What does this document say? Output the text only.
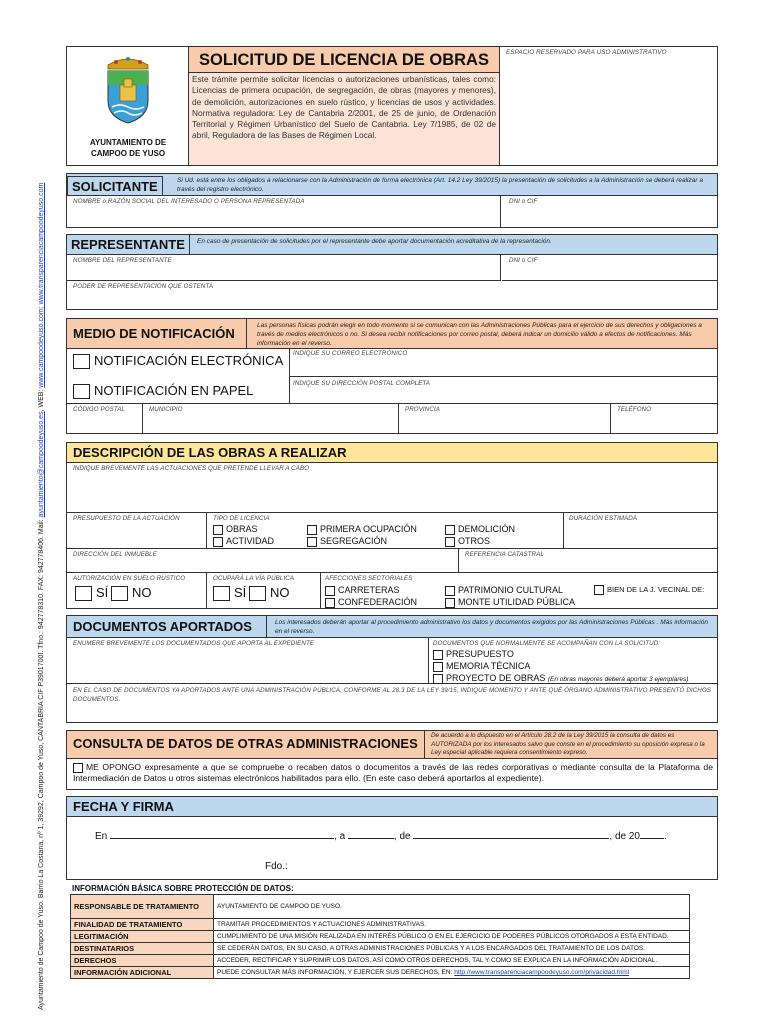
Ayuntamiento de Campoo de Yuso. Barrio La Costana, nº 1, 39292, Campoo de Yuso, CANTABRIA CIF P3901700I. Tfno.: 942778310. FAX: 942778406. Mail: ayuntamiento@campoodeyuso.es, WEB: www.campoodeyuso.com; www.transparenciacampoodeyuso.com
AYUNTAMIENTO DE
CAMPOO DE YUSO
SOLICITUD DE LICENCIA DE OBRAS
Este trámite permite solicitar licencias o autorizaciones urbanísticas, tales como: Licencias de primera ocupación, de segregación, de obras (mayores y menores), de demolición, autorizaciones en suelo rústico, y licencias de usos y actividades. Normativa reguladora: Ley de Cantabria 2/2001, de 25 de junio, de Ordenación Territorial y Régimen Urbanístico del Suelo de Cantabria. Ley 7/1985, de 02 de abril, Reguladora de las Bases de Régimen Local.
ESPACIO RESERVADO PARA USO ADMINISTRATIVO
SOLICITANTE	Si Ud. está entre los obligados a relacionarse con la Administración de forma electrónica (Art. 14.2 Ley 39/2015) la presentación de solicitudes a la Administración se deberá realizar a través del registro electrónico.
NOMBRE o RAZÓN SOCIAL DEL INTERESADO O PERSONA REPRESENTADA	DNI o CIF
REPRESENTANTE	En caso de presentación de solicitudes por el representante debe aportar documentación acreditativa de la representación.
NOMBRE DEL REPRESENTANTE	DNI o CIF
PODER DE REPRESENTACIÓN QUE OSTENTA
MEDIO DE NOTIFICACIÓN
Las personas físicas podrán elegir en todo momento si se comunican con las Administraciones Públicas para el ejercicio de sus derechos y obligaciones a través de medios electrónicos o no. Si desea recibir notificaciones por correo postal, deberá indicar un domicilio válido a efectos de notificaciones. Más información en el reverso.
NOTIFICACIÓN ELECTRÓNICA INDIQUE SU CORREO ELECTRÓNICO
NOTIFICACIÓN EN PAPEL	INDIQUE SU DIRECCIÓN POSTAL COMPLETA
CÓDIGO POSTAL	MUNICIPIO	PROVINCIA	TELÉFONO
DESCRIPCIÓN DE LAS OBRAS A REALIZAR
INDIQUE BREVEMENTE LAS ACTUACIONES QUE PRETENDE LLEVAR A CABO
PRESUPUESTO DE LA ACTUACIÓN	TIPO DE LICENCIA
OBRAS
ACTIVIDAD
PRIMERA OCUPACIÓN
SEGREGACIÓN
DEMOLICIÓN
OTROS
DURACIÓN ESTIMADA
DIRECCIÓN DEL INMUEBLE	REFERENCIA CATASTRAL
AUTORIZACIÓN EN SUELO RÚSTICO
SÍ	NO
OCUPARÁ LA VÍA PÚBLICA
SÍ	NO
AFECCIONES SECTORIALES
CARRETERAS
CONFEDERACIÓN
PATRIMONIO CULTURAL
MONTE UTILIDAD PÚBLICA
BIEN DE LA J. VECINAL DE:
DOCUMENTOS APORTADOS	Los interesados deberán aportar al procedimiento administrativo los datos y documentos exigidos por las Administraciones Públicas . Más información en el reverso.
ENUMERE BREVEMENTE LOS DOCUMENTADOS QUE APORTA AL EXPEDIENTE	DOCUMENTOS QUE NORMALMENTE SE ACOMPAÑAN CON LA SOLICITUD:
PRESUPUESTO
MEMORIA TÉCNICA
PROYECTO DE OBRAS (En obras mayores deberá aportar 3 ejemplares)
EN EL CASO DE DOCUMENTOS YA APORTADOS ANTE UNA ADMINISTRACIÓN PÚBLICA, CONFORME AL 28.3 DE LA LEY 39/15, INDIQUE MOMENTO Y ANTE QUÉ ÓRGANO ADMINISTRATIVO PRESENTÓ DICHOS DOCUMENTOS.
CONSULTA DE DATOS DE OTRAS ADMINISTRACIONES
De acuerdo a lo dispuesto en el Artículo 28.2 de la Ley 39/2015 la consulta de datos es AUTORIZADA por los interesados salvo que conste en el procedimiento su oposición expresa o la Ley especial aplicable requiera consentimiento expreso.
ME OPONGO expresamente a que se compruebe o recaben datos o documentos a través de las redes corporativas o mediante consulta de la Plataforma de Intermediación de Datos u otros sistemas electrónicos habilitados para ello. (En este caso deberá aportarlos al expediente).
FECHA Y FIRMA
En	, a	, de	, de 20 .
Fdo.:
INFORMACIÓN BÁSICA SOBRE PROTECCIÓN DE DATOS:
RESPONSABLE DE TRATAMIENTO	AYUNTAMIENTO DE CAMPOO DE YUSO.
FINALIDAD DE TRATAMIENTO	TRAMITAR PROCEDIMIENTOS Y ACTUACIONES ADMINISTRATIVAS.
LEGITIMACIÓN	CUMPLIMIENTO DE UNA MISIÓN REALIZADA EN INTERÉS PÚBLICO O EN EL EJERCICIO DE PODERES PÚBLICOS OTORGADOS A ESTA ENTIDAD.
DESTINATARIOS	SE CEDERÁN DATOS, EN SU CASO, A OTRAS ADMINISTRACIONES PÚBLICAS Y A LOS ENCARGADOS DEL TRATAMIENTO DE LOS DATOS.
DERECHOS	ACCEDER, RECTIFICAR Y SUPRIMIR LOS DATOS, ASÍ COMO OTROS DERECHOS, TAL Y COMO SE EXPLICA EN LA INFORMACIÓN ADICIONAL.
INFORMACIÓN ADICIONAL	PUEDE CONSULTAR MÁS INFORMACIÓN, Y EJERCER SUS DERECHOS, EN: http://www.transparenciacampoodeyuso.com/privacidad.html
